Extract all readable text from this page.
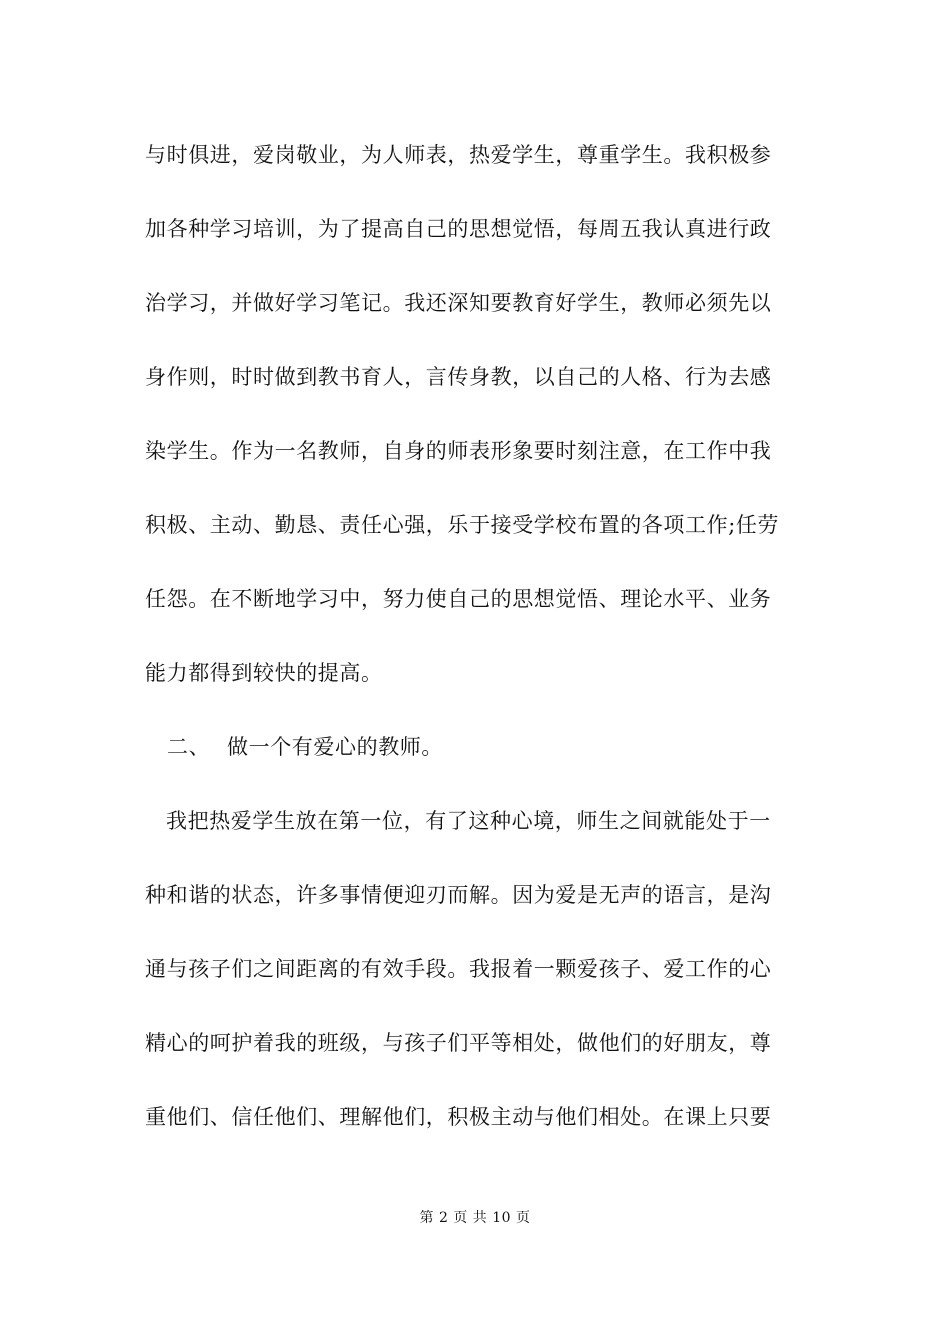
与时俱进，爱岗敬业，为人师表，热爱学生，尊重学生。我积极参
加各种学习培训，为了提高自己的思想觉悟，每周五我认真进行政
治学习，并做好学习笔记。我还深知要教育好学生，教师必须先以
身作则，时时做到教书育人，言传身教，以自己的人格、行为去感
染学生。作为一名教师，自身的师表形象要时刻注意，在工作中我
积极、主动、勤恳、责任心强，乐于接受学校布置的各项工作;任劳
任怨。在不断地学习中，努力使自己的思想觉悟、理论水平、业务
能力都得到较快的提高。
二、 做一个有爱心的教师。
我把热爱学生放在第一位，有了这种心境，师生之间就能处于一
种和谐的状态，许多事情便迎刃而解。因为爱是无声的语言，是沟
通与孩子们之间距离的有效手段。我报着一颗爱孩子、爱工作的心
精心的呵护着我的班级，与孩子们平等相处，做他们的好朋友，尊
重他们、信任他们、理解他们，积极主动与他们相处。在课上只要
第 2 页 共 10 页
